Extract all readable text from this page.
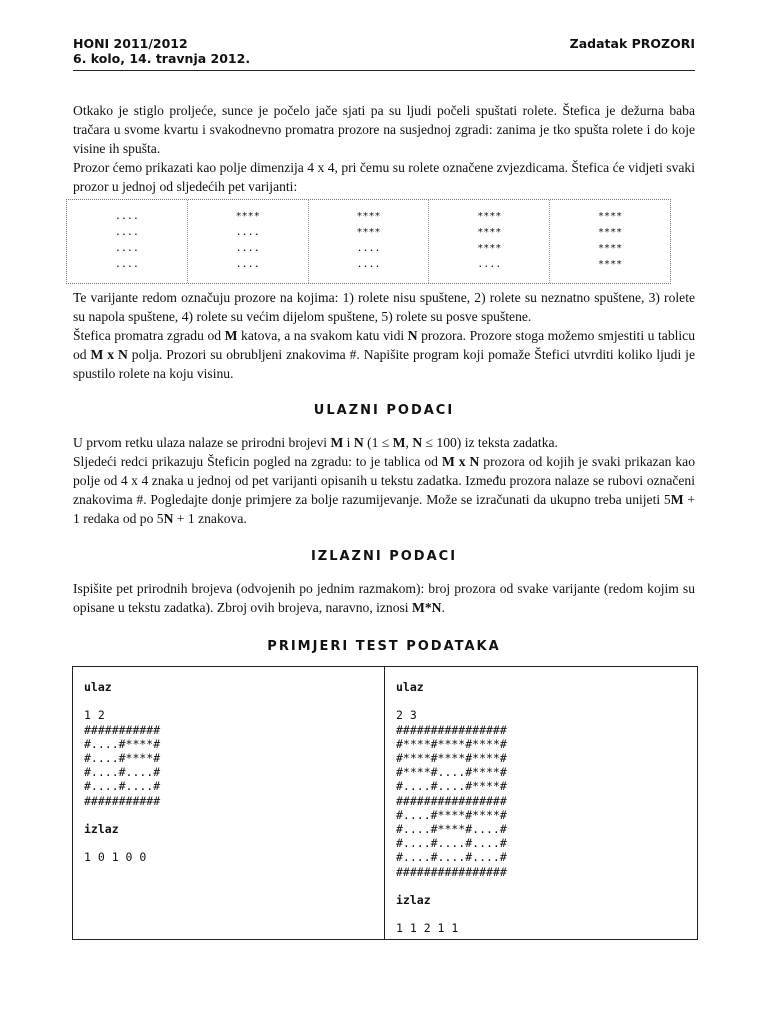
HONI 2011/2012
6. kolo, 14. travnja 2012.
Zadatak PROZORI
Otkako je stiglo proljeće, sunce je počelo jače sjati pa su ljudi počeli spuštati rolete. Štefica je dežurna baba tračara u svome kvartu i svakodnevno promatra prozore na susjednoj zgradi: zanima je tko spušta rolete i do koje visine ih spušta.
Prozor ćemo prikazati kao polje dimenzija 4 x 4, pri čemu su rolete označene zvjezdicama. Štefica će vidjeti svaki prozor u jednoj od sljedećih pet varijanti:
....
....
....
....
****
....
....
....
****
****
....
....
****
****
****
....
****
****
****
****
Te varijante redom označuju prozore na kojima: 1) rolete nisu spuštene, 2) rolete su neznatno spuštene, 3) rolete su napola spuštene, 4) rolete su većim dijelom spuštene, 5) rolete su posve spuštene.
Štefica promatra zgradu od M katova, a na svakom katu vidi N prozora. Prozore stoga možemo smjestiti u tablicu od M x N polja. Prozori su obrubljeni znakovima #. Napišite program koji pomaže Štefici utvrditi koliko ljudi je spustilo rolete na koju visinu.
ULAZNI PODACI
U prvom retku ulaza nalaze se prirodni brojevi M i N (1 ≤ M, N ≤ 100) iz teksta zadatka.
Sljedeći redci prikazuju Šteficin pogled na zgradu: to je tablica od M x N prozora od kojih je svaki prikazan kao polje od 4 x 4 znaka u jednoj od pet varijanti opisanih u tekstu zadatka. Između prozora nalaze se rubovi označeni znakovima #. Pogledajte donje primjere za bolje razumijevanje. Može se izračunati da ukupno treba unijeti 5M + 1 redaka od po 5N + 1 znakova.
IZLAZNI PODACI
Ispišite pet prirodnih brojeva (odvojenih po jednim razmakom): broj prozora od svake varijante (redom kojim su opisane u tekstu zadatka). Zbroj ovih brojeva, naravno, iznosi M*N.
PRIMJERI TEST PODATAKA
ulaz
1 2
###########
#....#****#
#....#****#
#....#....#
#....#....#
###########
izlaz
1 0 1 0 0
ulaz
2 3
################
#****#****#****#
#****#****#****#
#****#....#****#
#....#....#****#
################
#....#****#****#
#....#****#....#
#....#....#....#
#....#....#....#
################
izlaz
1 1 2 1 1
